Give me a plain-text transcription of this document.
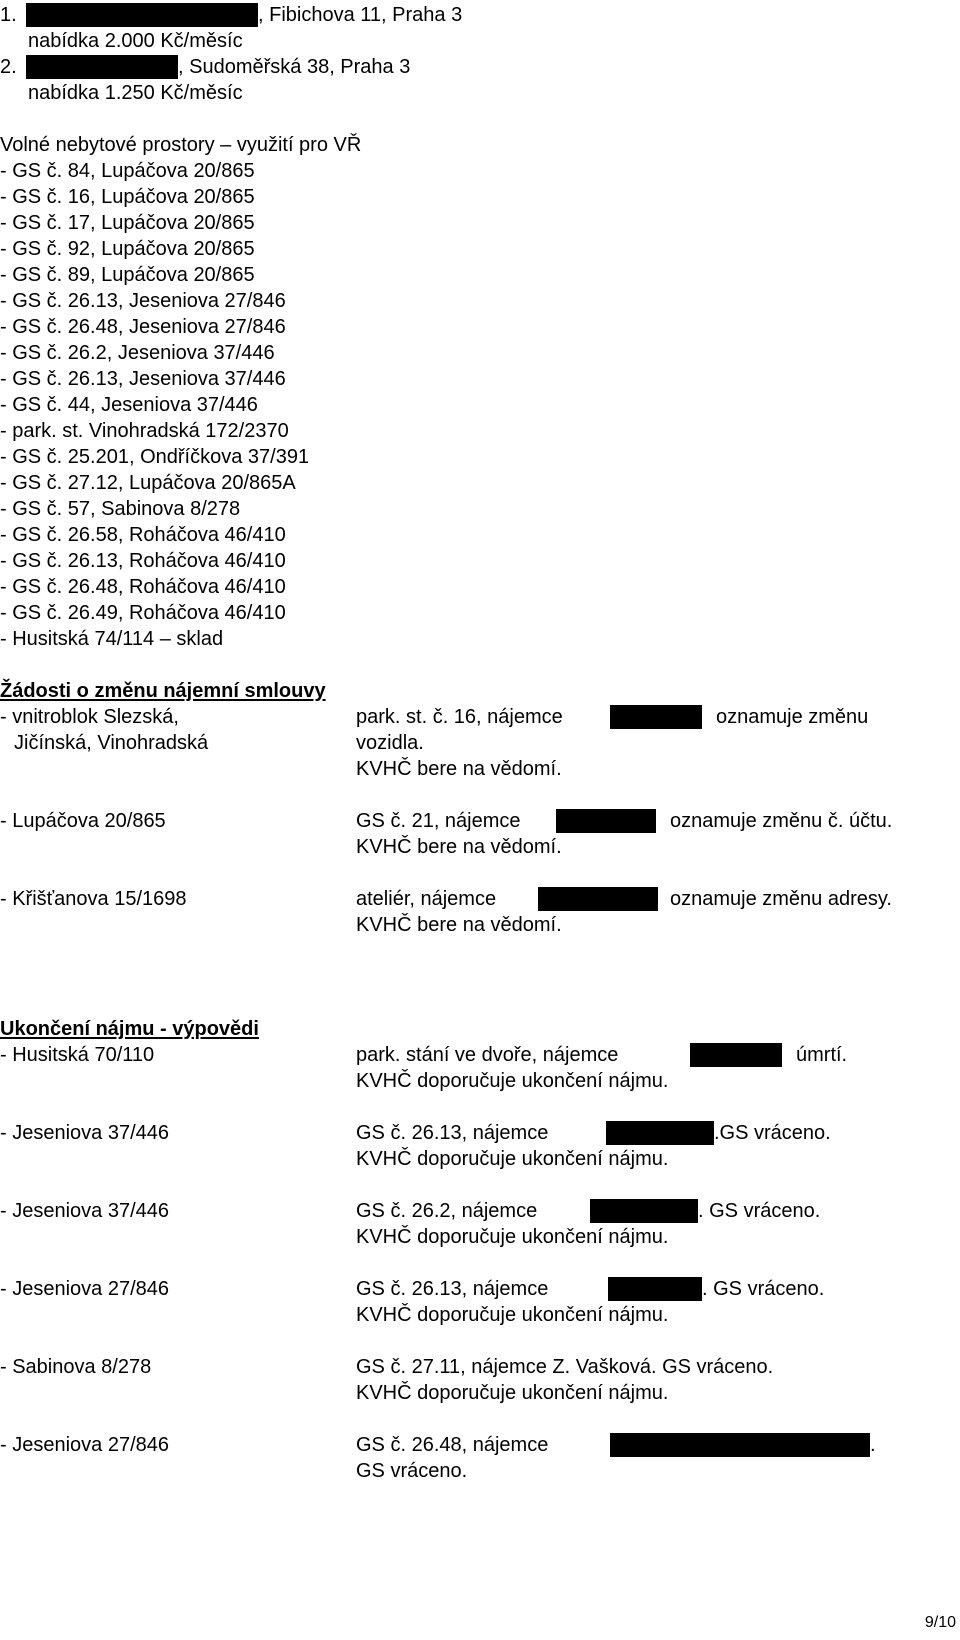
1.	, Fibichova 11, Praha 3
nabídka 2.000 Kč/měsíc
2.	, Sudoměřská 38, Praha 3
nabídka 1.250 Kč/měsíc
Volné nebytové prostory – využití pro VŘ
- GS č. 84, Lupáčova 20/865
- GS č. 16, Lupáčova 20/865
- GS č. 17, Lupáčova 20/865
- GS č. 92, Lupáčova 20/865
- GS č. 89, Lupáčova 20/865
- GS č. 26.13, Jeseniova 27/846
- GS č. 26.48, Jeseniova 27/846
- GS č. 26.2, Jeseniova 37/446
- GS č. 26.13, Jeseniova 37/446
- GS č. 44, Jeseniova 37/446
- park. st. Vinohradská 172/2370
- GS č. 25.201, Ondříčkova 37/391
- GS č. 27.12, Lupáčova 20/865A
- GS č. 57, Sabinova 8/278
- GS č. 26.58, Roháčova 46/410
- GS č. 26.13, Roháčova 46/410
- GS č. 26.48, Roháčova 46/410
- GS č. 26.49, Roháčova 46/410
- Husitská 74/114 – sklad
Žádosti o změnu nájemní smlouvy
- vnitroblok Slezská,
Jičínská, Vinohradská
park. st. č. 16, nájemce	oznamuje změnu
vozidla.
KVHČ bere na vědomí.
- Lupáčova 20/865	GS č. 21, nájemce	oznamuje změnu č. účtu.
KVHČ bere na vědomí.
- Křišťanova 15/1698	ateliér, nájemce	oznamuje změnu adresy.
KVHČ bere na vědomí.
Ukončení nájmu - výpovědi
- Husitská 70/110	park. stání ve dvoře, nájemce	úmrtí.
KVHČ doporučuje ukončení nájmu.
- Jeseniova 37/446	GS č. 26.13, nájemce	.GS vráceno.
KVHČ doporučuje ukončení nájmu.
- Jeseniova 37/446	GS č. 26.2, nájemce	. GS vráceno.
KVHČ doporučuje ukončení nájmu.
- Jeseniova 27/846	GS č. 26.13, nájemce	. GS vráceno.
KVHČ doporučuje ukončení nájmu.
- Sabinova 8/278	GS č. 27.11, nájemce Z. Vašková. GS vráceno.
KVHČ doporučuje ukončení nájmu.
- Jeseniova 27/846	GS č. 26.48, nájemce	.
GS vráceno.
9/10
